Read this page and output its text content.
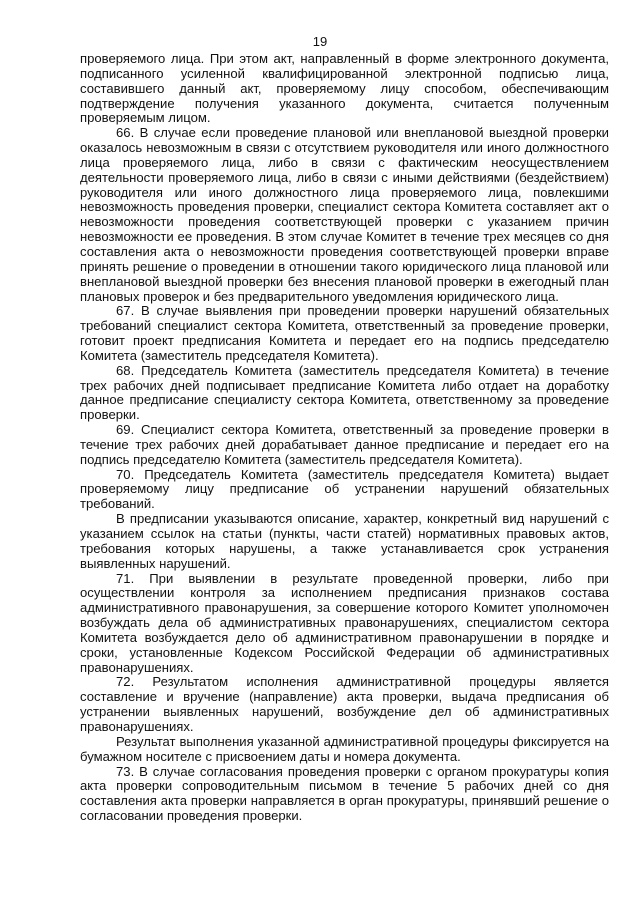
19

проверяемого лица. При этом акт, направленный в форме электронного документа, подписанного усиленной квалифицированной электронной подписью лица, составившего данный акт, проверяемому лицу способом, обеспечивающим подтверждение получения указанного документа, считается полученным проверяемым лицом.

66. В случае если проведение плановой или внеплановой выездной проверки оказалось невозможным в связи с отсутствием руководителя или иного должностного лица проверяемого лица, либо в связи с фактическим неосуществлением деятельности проверяемого лица, либо в связи с иными действиями (бездействием) руководителя или иного должностного лица проверяемого лица, повлекшими невозможность проведения проверки, специалист сектора Комитета составляет акт о невозможности проведения соответствующей проверки с указанием причин невозможности ее проведения. В этом случае Комитет в течение трех месяцев со дня составления акта о невозможности проведения соответствующей проверки вправе принять решение о проведении в отношении такого юридического лица плановой или внеплановой выездной проверки без внесения плановой проверки в ежегодный план плановых проверок и без предварительного уведомления юридического лица.

67. В случае выявления при проведении проверки нарушений обязательных требований специалист сектора Комитета, ответственный за проведение проверки, готовит проект предписания Комитета и передает его на подпись председателю Комитета (заместитель председателя Комитета).

68. Председатель Комитета (заместитель председателя Комитета) в течение трех рабочих дней подписывает предписание Комитета либо отдает на доработку данное предписание специалисту сектора Комитета, ответственному за проведение проверки.

69. Специалист сектора Комитета, ответственный за проведение проверки в течение трех рабочих дней дорабатывает данное предписание и передает его на подпись председателю Комитета (заместитель председателя Комитета).

70. Председатель Комитета (заместитель председателя Комитета) выдает проверяемому лицу предписание об устранении нарушений обязательных требований.

В предписании указываются описание, характер, конкретный вид нарушений с указанием ссылок на статьи (пункты, части статей) нормативных правовых актов, требования которых нарушены, а также устанавливается срок устранения выявленных нарушений.

71. При выявлении в результате проведенной проверки, либо при осуществлении контроля за исполнением предписания признаков состава административного правонарушения, за совершение которого Комитет уполномочен возбуждать дела об административных правонарушениях, специалистом сектора Комитета возбуждается дело об административном правонарушении в порядке и сроки, установленные Кодексом Российской Федерации об административных правонарушениях.

72. Результатом исполнения административной процедуры является составление и вручение (направление) акта проверки, выдача предписания об устранении выявленных нарушений, возбуждение дел об административных правонарушениях.

Результат выполнения указанной административной процедуры фиксируется на бумажном носителе с присвоением даты и номера документа.

73. В случае согласования проведения проверки с органом прокуратуры копия акта проверки сопроводительным письмом в течение 5 рабочих дней со дня составления акта проверки направляется в орган прокуратуры, принявший решение о согласовании проведения проверки.
